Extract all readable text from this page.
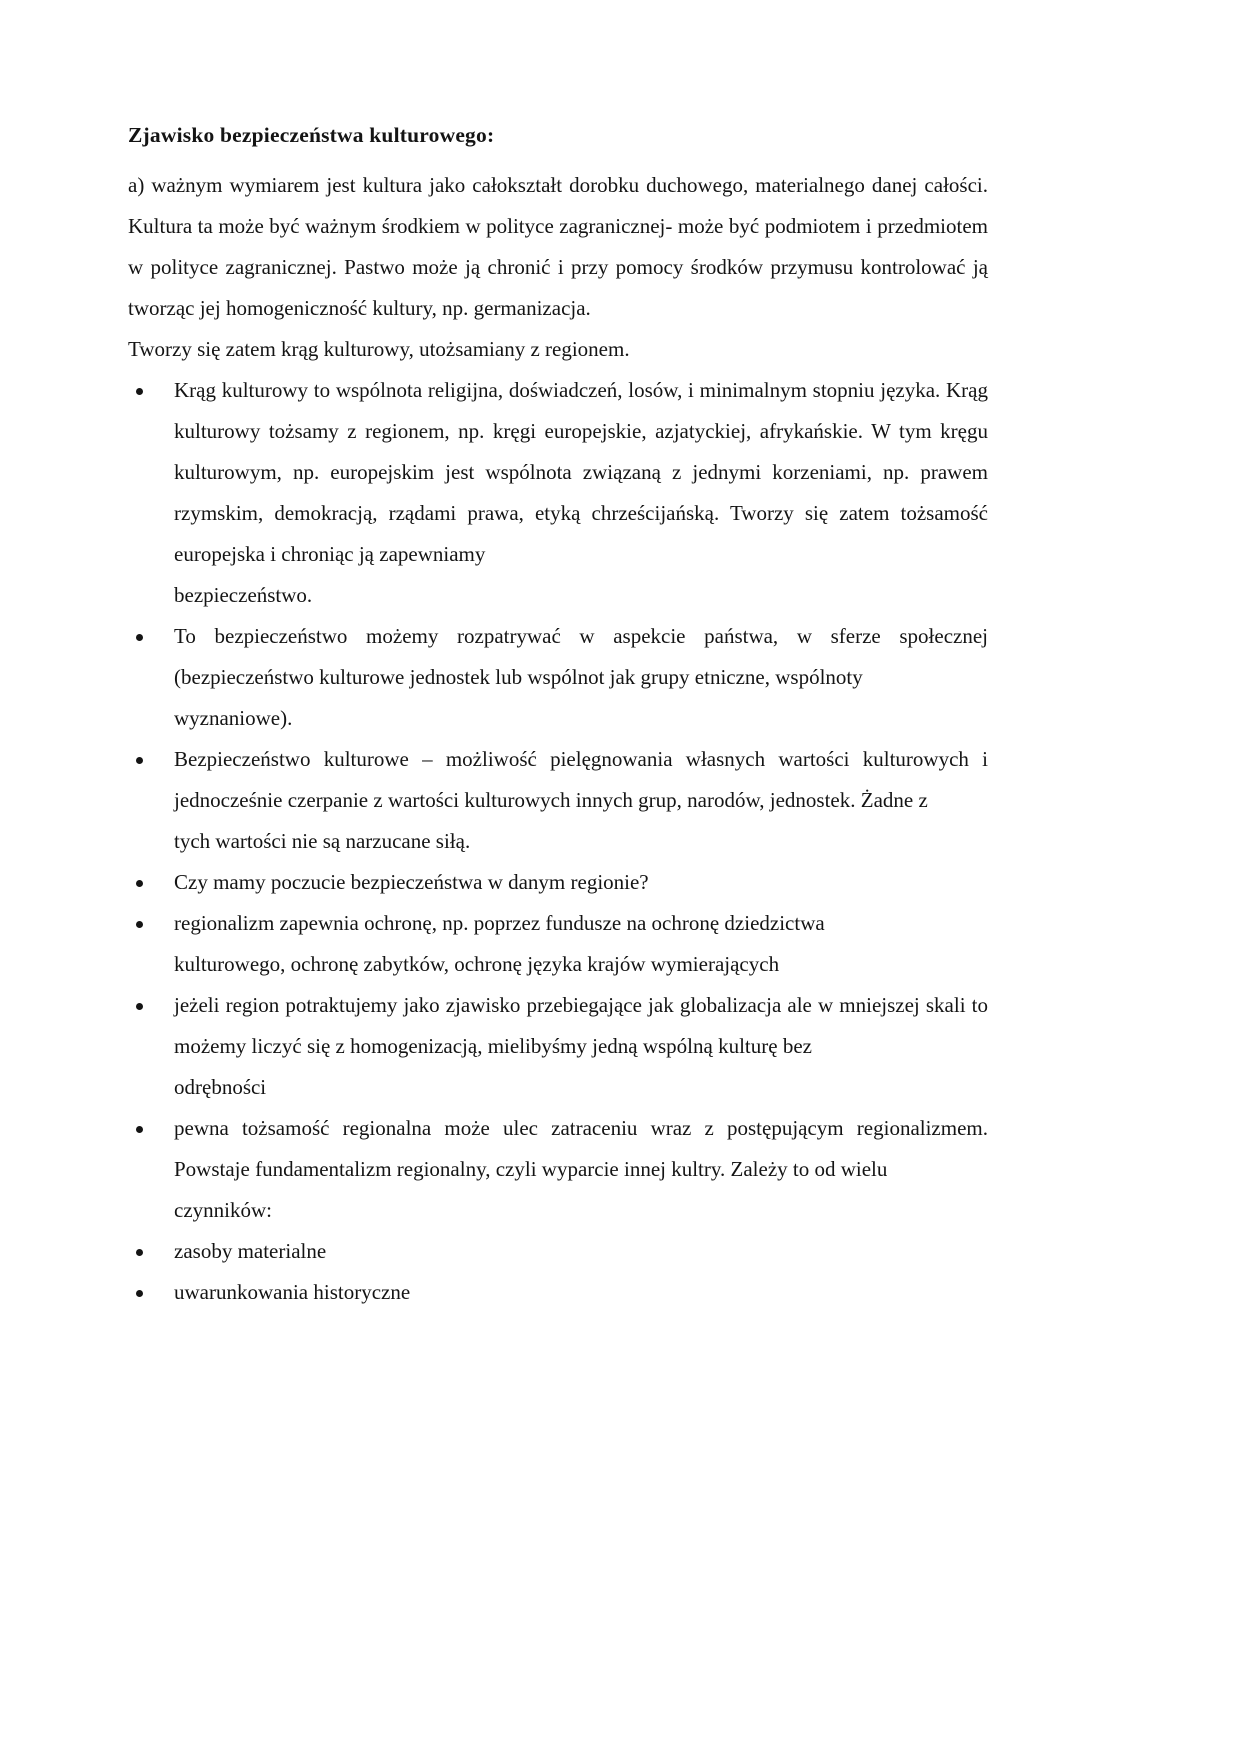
Zjawisko bezpieczeństwa kulturowego:

a) ważnym wymiarem jest kultura jako całokształt dorobku duchowego, materialnego danej całości. Kultura ta może być ważnym środkiem w polityce zagranicznej- może być podmiotem i przedmiotem w polityce zagranicznej. Pastwo może ją chronić i przy pomocy środków przymusu kontrolować ją tworząc jej homogeniczność kultury, np. germanizacja.

Tworzy się zatem krąg kulturowy, utożsamiany z regionem.

Krąg kulturowy to wspólnota religijna, doświadczeń, losów, i minimalnym stopniu języka. Krąg kulturowy tożsamy z regionem, np. kręgi europejskie, azjatyckiej, afrykańskie. W tym kręgu kulturowym, np. europejskim jest wspólnota związaną z jednymi korzeniami, np. prawem rzymskim, demokracją, rządami prawa, etyką chrześcijańską. Tworzy się zatem tożsamość europejska i chroniąc ją zapewniamy
bezpieczeństwo.
To bezpieczeństwo możemy rozpatrywać w aspekcie państwa, w sferze społecznej (bezpieczeństwo kulturowe jednostek lub wspólnot jak grupy etniczne, wspólnoty
wyznaniowe).
Bezpieczeństwo kulturowe – możliwość pielęgnowania własnych wartości kulturowych i jednocześnie czerpanie z wartości kulturowych innych grup, narodów, jednostek. Żadne z
tych wartości nie są narzucane siłą.
Czy mamy poczucie bezpieczeństwa w danym regionie?
regionalizm zapewnia ochronę, np. poprzez fundusze na ochronę dziedzictwa
kulturowego, ochronę zabytków, ochronę języka krajów wymierających
jeżeli region potraktujemy jako zjawisko przebiegające jak globalizacja ale w mniejszej skali to możemy liczyć się z homogenizacją, mielibyśmy jedną wspólną kulturę bez
odrębności
pewna tożsamość regionalna może ulec zatraceniu wraz z postępującym regionalizmem. Powstaje fundamentalizm regionalny, czyli wyparcie innej kultry. Zależy to od wielu
czynników:
zasoby materialne
uwarunkowania historyczne
